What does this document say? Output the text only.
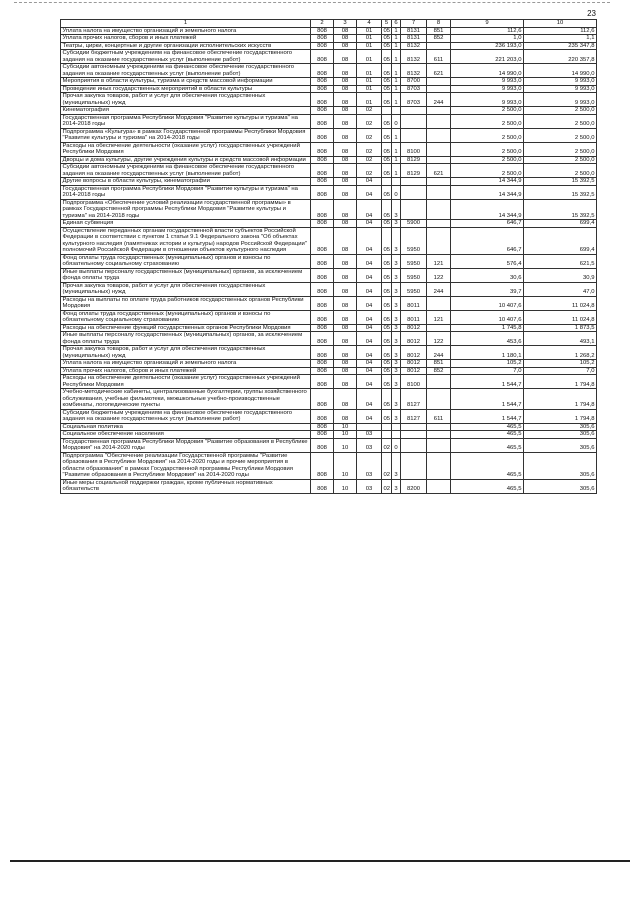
23
1	2	3	4	5	6	7	8	9	10
Уплата налога на имущество организаций и земельного налога	808	08	01	05	1	8131	851	112,6	112,6
Уплата прочих налогов, сборов и иных платежей	808	08	01	05	1	8131	852	1,0	1,1
Театры, цирки, концертные и другие организации исполнительских искусств	808	08	01	05	1	8132		236 193,0	235 347,8
Субсидии бюджетным учреждениям на финансовое обеспечение государственного задания на оказание государственных услуг (выполнение работ)	808	08	01	05	1	8132	611	221 203,0	220 357,8
Субсидии автономным учреждениям на финансовое обеспечение государственного задания на оказание государственных услуг (выполнение работ)	808	08	01	05	1	8132	621	14 990,0	14 990,0
Мероприятия в области культуры, туризма и средств массовой информации	808	08	01	05	1	8700		9 993,0	9 993,0
Проведение иных государственных мероприятий в области культуры	808	08	01	05	1	8703		9 993,0	9 993,0
Прочая закупка товаров, работ и услуг для обеспечения государственных (муниципальных) нужд	808	08	01	05	1	8703	244	9 993,0	9 993,0
Кинематография	808	08	02					2 500,0	2 500,0
Государственная программа Республики Мордовия "Развитие культуры и туризма" на 2014-2018 годы	808	08	02	05	0			2 500,0	2 500,0
Подпрограмма «Культура» в рамках Государственной программы Республики Мордовия "Развитие культуры и туризма" на 2014-2018 годы	808	08	02	05	1			2 500,0	2 500,0
Расходы на обеспечение деятельности (оказание услуг) государственных учреждений Республики Мордовия	808	08	02	05	1	8100		2 500,0	2 500,0
Дворцы и дома культуры, другие учреждения культуры и средств массовой информации	808	08	02	05	1	8129		2 500,0	2 500,0
Субсидии автономным учреждениям на финансовое обеспечение государственного задания на оказание государственных услуг (выполнение работ)	808	08	02	05	1	8129	621	2 500,0	2 500,0
Другие вопросы в области культуры, кинематографии	808	08	04					14 344,9	15 392,5
Государственная программа Республики Мордовия "Развитие культуры и туризма" на 2014-2018 годы	808	08	04	05	0			14 344,9	15 392,5
Подпрограмма «Обеспечение условий реализации государственной программы» в рамках Государственной программы Республики Мордовия "Развитие культуры и туризма" на 2014-2018 годы	808	08	04	05	3			14 344,9	15 392,5
Единая субвенция	808	08	04	05	3	5900		646,7	699,4
Осуществление переданных органам государственной власти субъектов Российской Федерации в соответствии с пунктом 1 статьи 9.1 Федерального закона "Об объектах культурного наследия (памятниках истории и культуры) народов Российской Федерации" полномочий Российской Федерации в отношении объектов культурного наследия	808	08	04	05	3	5950		646,7	699,4
Фонд оплаты труда государственных (муниципальных) органов и взносы по обязательному социальному страхованию	808	08	04	05	3	5950	121	576,4	621,5
Иные выплаты персоналу государственных (муниципальных) органов, за исключением фонда оплаты труда	808	08	04	05	3	5950	122	30,6	30,9
Прочая закупка товаров, работ и услуг для обеспечения государственных (муниципальных) нужд	808	08	04	05	3	5950	244	39,7	47,0
Расходы на выплаты по оплате труда работников государственных органов Республики Мордовия	808	08	04	05	3	8011		10 407,6	11 024,8
Фонд оплаты труда государственных (муниципальных) органов и взносы по обязательному социальному страхованию	808	08	04	05	3	8011	121	10 407,6	11 024,8
Расходы на обеспечение функций государственных органов Республики Мордовия	808	08	04	05	3	8012		1 745,8	1 873,5
Иные выплаты персоналу государственных (муниципальных) органов, за исключением фонда оплаты труда	808	08	04	05	3	8012	122	453,6	493,1
Прочая закупка товаров, работ и услуг для обеспечения государственных (муниципальных) нужд	808	08	04	05	3	8012	244	1 180,1	1 268,2
Уплата налога на имущество организаций и земельного налога	808	08	04	05	3	8012	851	105,2	105,2
Уплата прочих налогов, сборов и иных платежей	808	08	04	05	3	8012	852	7,0	7,0
Расходы на обеспечение деятельности (оказание услуг) государственных учреждений Республики Мордовия	808	08	04	05	3	8100		1 544,7	1 794,8
Учебно-методические кабинеты, централизованные бухгалтерии, группы хозяйственного обслуживания, учебные фильмотеки, межшкольные учебно-производственные комбинаты, логопедические пункты	808	08	04	05	3	8127		1 544,7	1 794,8
Субсидии бюджетным учреждениям на финансовое обеспечение государственного задания на оказание государственных услуг (выполнение работ)	808	08	04	05	3	8127	611	1 544,7	1 794,8
Социальная политика	808	10						465,5	305,6
Социальное обеспечение населения	808	10	03					465,5	305,6
Государственная программа Республики Мордовия "Развитие образования в Республике Мордовия" на 2014-2020 годы	808	10	03	02	0			465,5	305,6
Подпрограмма "Обеспечение реализации Государственной программы "Развитие образования в Республике Мордовия" на 2014-2020 годы и прочие мероприятия в области образования" в рамках Государственной программы Республики Мордовия "Развитие образования в Республике Мордовия" на 2014-2020 годы	808	10	03	02	3			465,5	305,6
Иные меры социальной поддержки граждан, кроме публичных нормативных обязательств	808	10	03	02	3	8200		465,5	305,6
